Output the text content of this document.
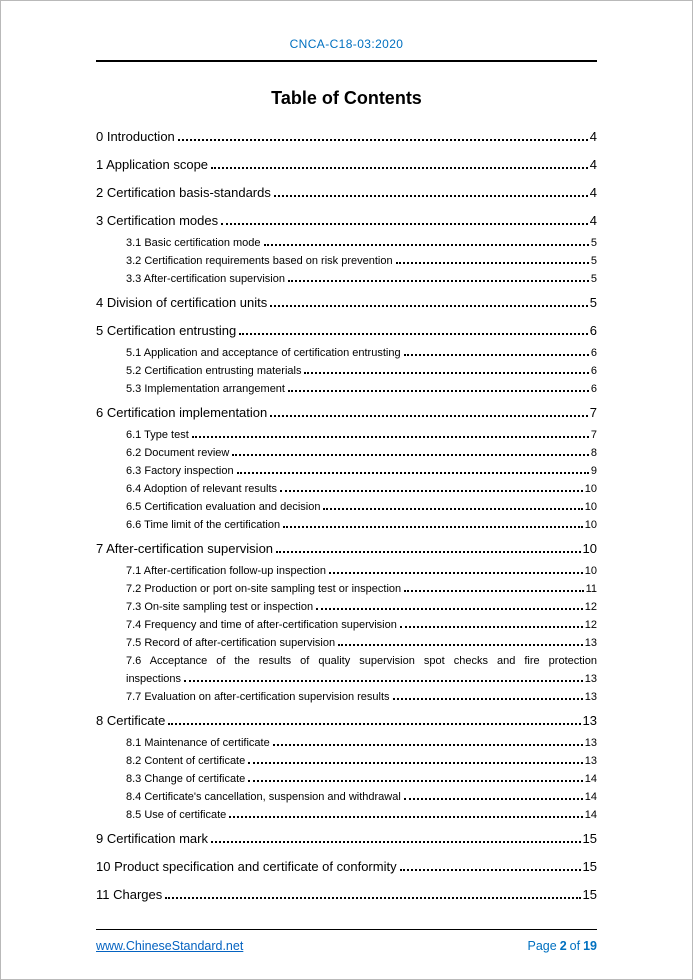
CNCA-C18-03:2020
Table of Contents
0 Introduction	4
1 Application scope	4
2 Certification basis-standards	4
3 Certification modes	4
3.1 Basic certification mode	5
3.2 Certification requirements based on risk prevention	5
3.3 After-certification supervision	5
4 Division of certification units	5
5 Certification entrusting	6
5.1 Application and acceptance of certification entrusting	6
5.2 Certification entrusting materials	6
5.3 Implementation arrangement	6
6 Certification implementation	7
6.1 Type test	7
6.2 Document review	8
6.3 Factory inspection	9
6.4 Adoption of relevant results	10
6.5 Certification evaluation and decision	10
6.6 Time limit of the certification	10
7 After-certification supervision	10
7.1 After-certification follow-up inspection	10
7.2 Production or port on-site sampling test or inspection	11
7.3 On-site sampling test or inspection	12
7.4 Frequency and time of after-certification supervision	12
7.5 Record of after-certification supervision	13
7.6 Acceptance of the results of quality supervision spot checks and fire protection
inspections	13
7.7 Evaluation on after-certification supervision results	13
8 Certificate	13
8.1 Maintenance of certificate	13
8.2 Content of certificate	13
8.3 Change of certificate	14
8.4 Certificate's cancellation, suspension and withdrawal	14
8.5 Use of certificate	14
9 Certification mark	15
10 Product specification and certificate of conformity	15
11 Charges	15
www.ChineseStandard.net	Page 2 of 19
